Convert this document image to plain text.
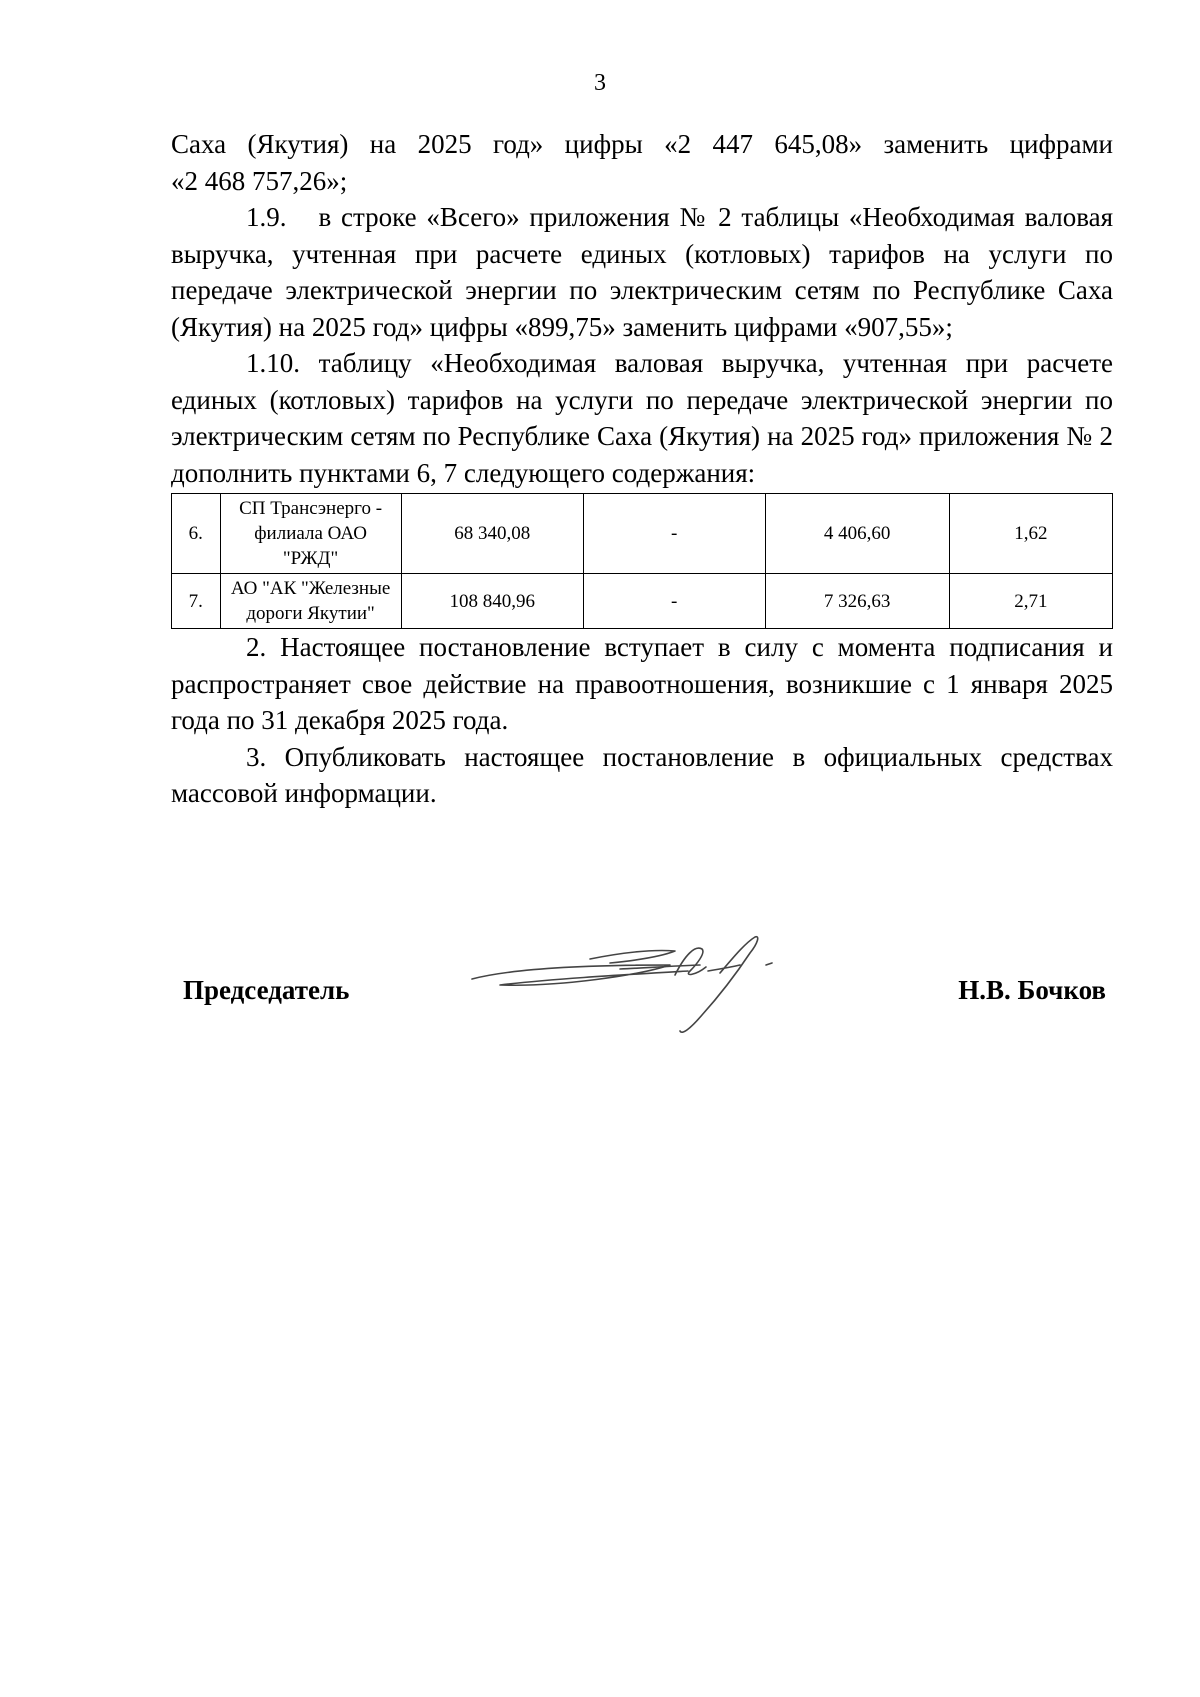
3

Саха (Якутия) на 2025 год» цифры «2 447 645,08» заменить цифрами

«2 468 757,26»;

1.9. в строке «Всего» приложения № 2 таблицы «Необходимая валовая выручка, учтенная при расчете единых (котловых) тарифов на услуги по передаче электрической энергии по электрическим сетям по Республике Саха (Якутия) на 2025 год» цифры «899,75» заменить цифрами «907,55»;

1.10. таблицу «Необходимая валовая выручка, учтенная при расчете единых (котловых) тарифов на услуги по передаче электрической энергии по электрическим сетям по Республике Саха (Якутия) на 2025 год» приложения № 2 дополнить пунктами 6, 7 следующего содержания:

6.	СП Трансэнерго - филиала ОАО "РЖД"	68 340,08	-	4 406,60	1,62
7.	АО "АК "Железные дороги Якутии"	108 840,96	-	7 326,63	2,71

2. Настоящее постановление вступает в силу с момента подписания и распространяет свое действие на правоотношения, возникшие с 1 января 2025 года по 31 декабря 2025 года.

3. Опубликовать настоящее постановление в официальных средствах массовой информации.

Председатель	Н.В. Бочков
